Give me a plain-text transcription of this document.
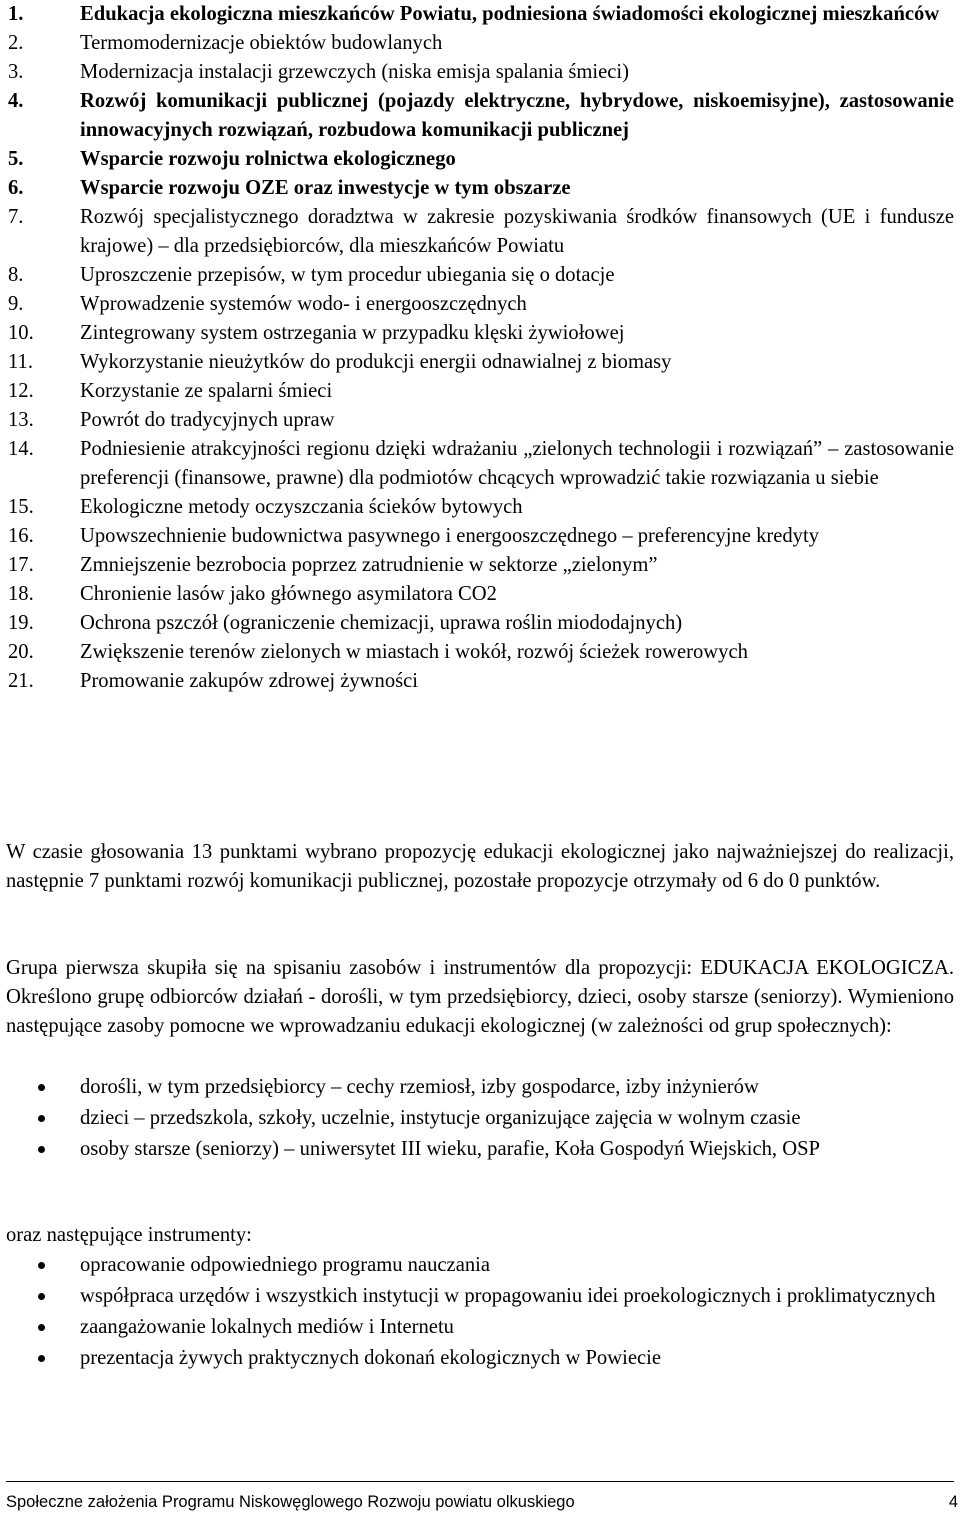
1.	Edukacja ekologiczna mieszkańców Powiatu, podniesiona świadomości ekologicznej mieszkańców
2.	Termomodernizacje obiektów budowlanych
3.	Modernizacja instalacji grzewczych (niska emisja spalania śmieci)
4.	Rozwój komunikacji publicznej (pojazdy elektryczne, hybrydowe, niskoemisyjne), zastosowanie innowacyjnych rozwiązań, rozbudowa komunikacji publicznej
5.	Wsparcie rozwoju rolnictwa ekologicznego
6.	Wsparcie rozwoju OZE oraz inwestycje w tym obszarze
7.	Rozwój specjalistycznego doradztwa w zakresie pozyskiwania środków finansowych (UE i fundusze krajowe) – dla przedsiębiorców, dla mieszkańców Powiatu
8.	Uproszczenie przepisów, w tym procedur ubiegania się o dotacje
9.	Wprowadzenie systemów wodo- i energooszczędnych
10. Zintegrowany system ostrzegania w przypadku klęski żywiołowej
11. Wykorzystanie nieużytków do produkcji energii odnawialnej z biomasy
12. Korzystanie ze spalarni śmieci
13. Powrót do tradycyjnych upraw
14. Podniesienie atrakcyjności regionu dzięki wdrażaniu „zielonych technologii i rozwiązań” – zastosowanie preferencji (finansowe, prawne) dla podmiotów chcących wprowadzić takie rozwiązania u siebie
15. Ekologiczne metody oczyszczania ścieków bytowych
16. Upowszechnienie budownictwa pasywnego i energooszczędnego – preferencyjne kredyty
17. Zmniejszenie bezrobocia poprzez zatrudnienie w sektorze „zielonym”
18. Chronienie lasów jako głównego asymilatora CO2
19. Ochrona pszczół (ograniczenie chemizacji, uprawa roślin miododajnych)
20. Zwiększenie terenów zielonych w miastach i wokół, rozwój ścieżek rowerowych
21. Promowanie zakupów zdrowej żywności

W czasie głosowania 13 punktami wybrano propozycję edukacji ekologicznej jako najważniejszej do realizacji, następnie 7 punktami rozwój komunikacji publicznej, pozostałe propozycje otrzymały od 6 do 0 punktów.

Grupa pierwsza skupiła się na spisaniu zasobów i instrumentów dla propozycji: EDUKACJA EKOLOGICZA. Określono grupę odbiorców działań - dorośli, w tym przedsiębiorcy, dzieci, osoby starsze (seniorzy). Wymieniono następujące zasoby pomocne we wprowadzaniu edukacji ekologicznej (w zależności od grup społecznych):

dorośli, w tym przedsiębiorcy – cechy rzemiosł, izby gospodarce, izby inżynierów
dzieci – przedszkola, szkoły, uczelnie, instytucje organizujące zajęcia w wolnym czasie
osoby starsze (seniorzy) – uniwersytet III wieku, parafie, Koła Gospodyń Wiejskich, OSP

oraz następujące instrumenty:

opracowanie odpowiedniego programu nauczania
współpraca urzędów i wszystkich instytucji w propagowaniu idei proekologicznych i proklimatycznych
zaangażowanie lokalnych mediów i Internetu
prezentacja żywych praktycznych dokonań ekologicznych w Powiecie
Społeczne założenia Programu Niskowęglowego Rozwoju powiatu olkuskiego	4
